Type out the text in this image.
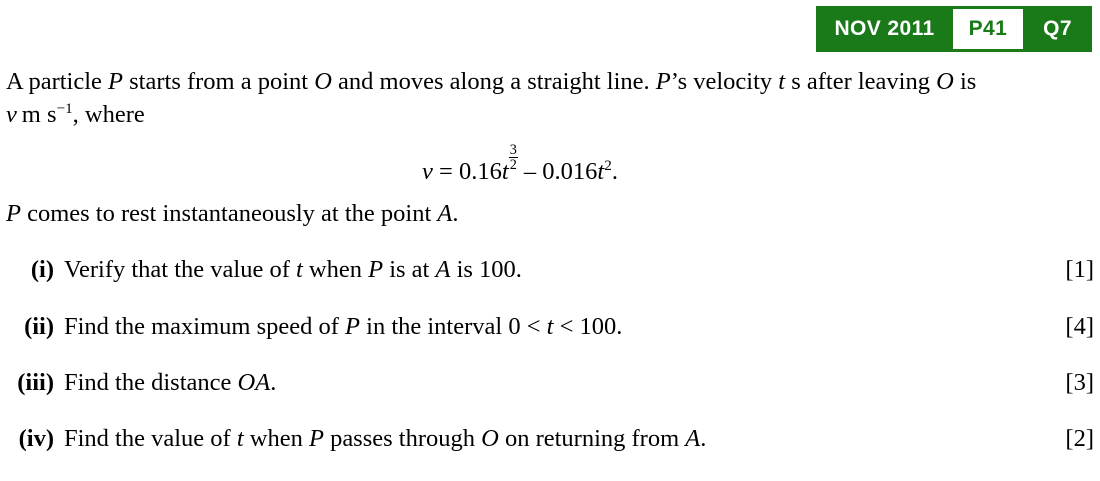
NOV 2011	P41	Q7

A particle P starts from a point O and moves along a straight line. P’s velocity t s after leaving O is

v  m $s^{-1}$, where

v = 0.16t $^{\frac{3}{2}} - 0.016t^2$.

P comes to rest instantaneously at the point A.

(i) Verify that the value of t when P is at A is 100.	[1]
(ii) Find the maximum speed of P in the interval 0 < t < 100.	[4]
(iii) Find the distance OA.	[3]
(iv) Find the value of t when P passes through O on returning from A.	[2]
